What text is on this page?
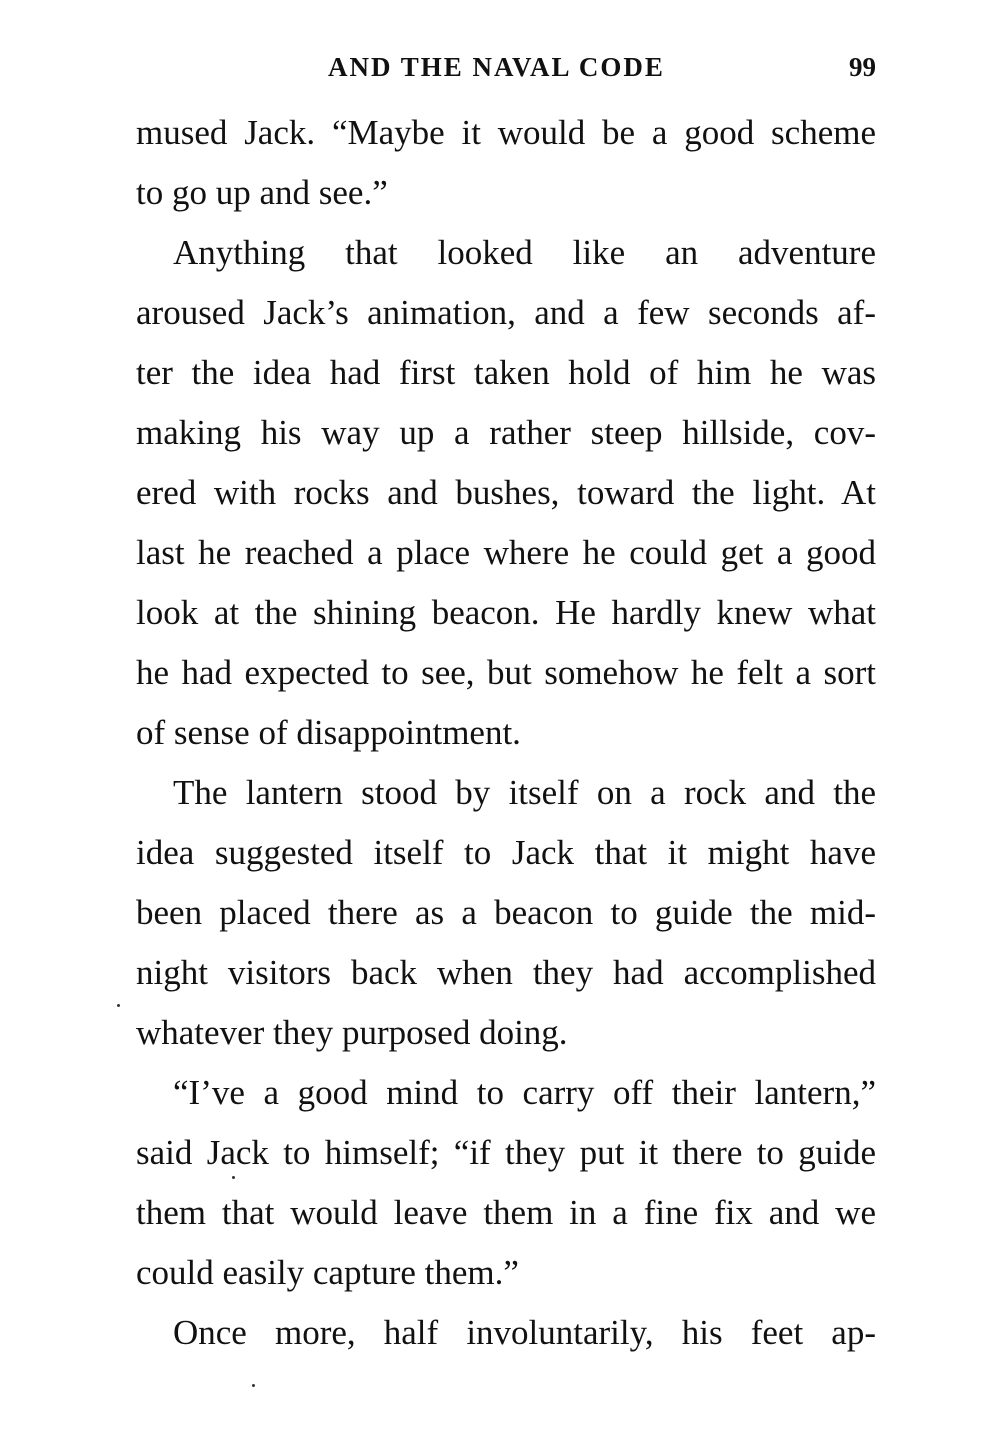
AND THE NAVAL CODE	99
mused Jack. “Maybe it would be a good scheme
to go up and see.”
Anything that looked like an adventure
aroused Jack’s animation, and a few seconds af-
ter the idea had first taken hold of him he was
making his way up a rather steep hillside, cov-
ered with rocks and bushes, toward the light. At
last he reached a place where he could get a good
look at the shining beacon. He hardly knew what
he had expected to see, but somehow he felt a sort
of sense of disappointment.
The lantern stood by itself on a rock and the
idea suggested itself to Jack that it might have
been placed there as a beacon to guide the mid-
night visitors back when they had accomplished
whatever they purposed doing.
“I’ve a good mind to carry off their lantern,”
said Jack to himself; “if they put it there to guide
them that would leave them in a fine fix and we
could easily capture them.”
Once more, half involuntarily, his feet ap-
